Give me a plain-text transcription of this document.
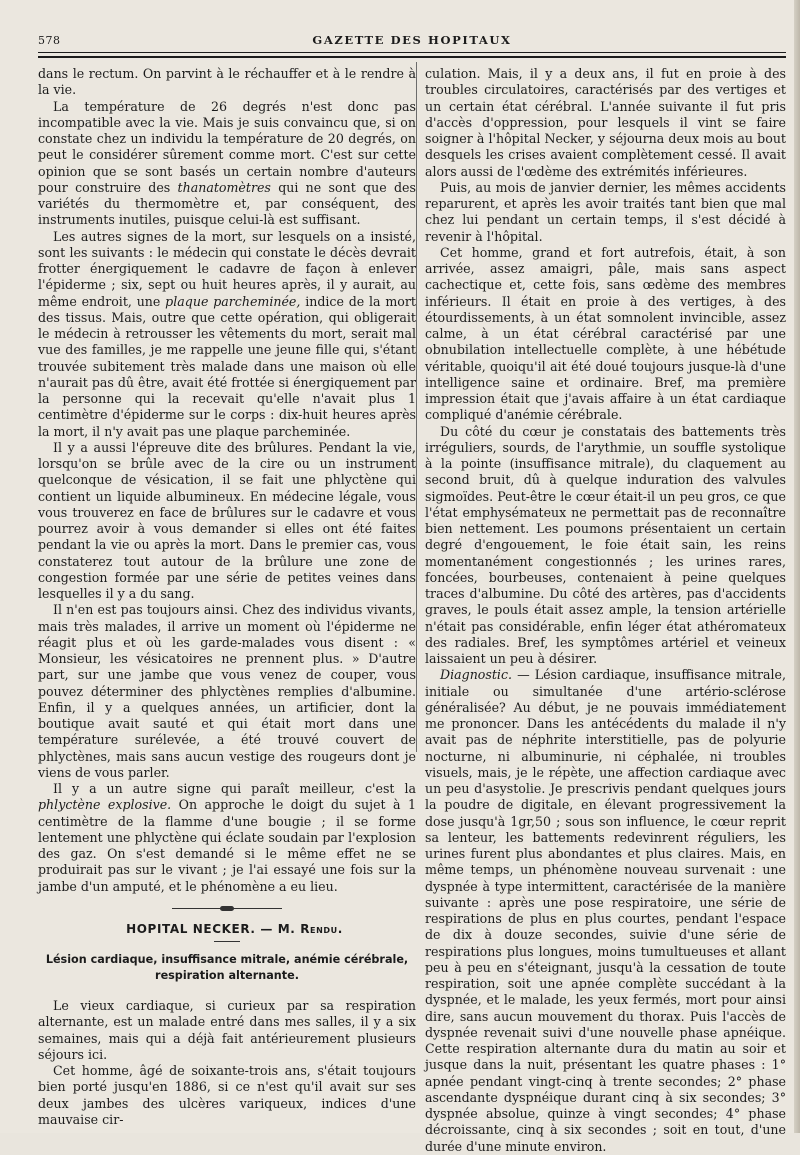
578	GAZETTE DES HOPITAUX

dans le rectum. On parvint à le réchauffer et à le rendre à la vie.

La température de 26 degrés n'est donc pas incompatible avec la vie. Mais je suis convaincu que, si on constate chez un individu la température de 20 degrés, on peut le considérer sûrement comme mort. C'est sur cette opinion que se sont basés un certain nombre d'auteurs pour construire des thanatomètres qui ne sont que des variétés du thermomètre et, par conséquent, des instruments inutiles, puisque celui-là est suffisant.

Les autres signes de la mort, sur lesquels on a insisté, sont les suivants : le médecin qui constate le décès devrait frotter énergiquement le cadavre de façon à enlever l'épiderme ; six, sept ou huit heures après, il y aurait, au même endroit, une plaque parcheminée, indice de la mort des tissus. Mais, outre que cette opération, qui obligerait le médecin à retrousser les vêtements du mort, serait mal vue des familles, je me rappelle une jeune fille qui, s'étant trouvée subitement très malade dans une maison où elle n'aurait pas dû être, avait été frottée si énergiquement par la personne qui la recevait qu'elle n'avait plus 1 centimètre d'épiderme sur le corps : dix-huit heures après la mort, il n'y avait pas une plaque parcheminée.

Il y a aussi l'épreuve dite des brûlures. Pendant la vie, lorsqu'on se brûle avec de la cire ou un instrument quelconque de vésication, il se fait une phlyctène qui contient un liquide albumineux. En médecine légale, vous vous trouverez en face de brûlures sur le cadavre et vous pourrez avoir à vous demander si elles ont été faites pendant la vie ou après la mort. Dans le premier cas, vous constaterez tout autour de la brûlure une zone de congestion formée par une série de petites veines dans lesquelles il y a du sang.

Il n'en est pas toujours ainsi. Chez des individus vivants, mais très malades, il arrive un moment où l'épiderme ne réagit plus et où les garde-malades vous disent : « Monsieur, les vésicatoires ne prennent plus. » D'autre part, sur une jambe que vous venez de couper, vous pouvez déterminer des phlyctènes remplies d'albumine. Enfin, il y a quelques années, un artificier, dont la boutique avait sauté et qui était mort dans une température surélevée, a été trouvé couvert de phlyctènes, mais sans aucun vestige des rougeurs dont je viens de vous parler.

Il y a un autre signe qui paraît meilleur, c'est la phlyctène explosive. On approche le doigt du sujet à 1 centimètre de la flamme d'une bougie ; il se forme lentement une phlyctène qui éclate soudain par l'explosion des gaz. On s'est demandé si le même effet ne se produirait pas sur le vivant ; je l'ai essayé une fois sur la jambe d'un amputé, et le phénomène a eu lieu.

HOPITAL NECKER. — M. Rendu.

Lésion cardiaque, insuffisance mitrale, anémie cérébrale,
respiration alternante.

Le vieux cardiaque, si curieux par sa respiration alternante, est un malade entré dans mes salles, il y a six semaines, mais qui a déjà fait antérieurement plusieurs séjours ici.

Cet homme, âgé de soixante-trois ans, s'était toujours bien porté jusqu'en 1886, si ce n'est qu'il avait sur ses deux jambes des ulcères variqueux, indices d'une mauvaise cir-

culation. Mais, il y a deux ans, il fut en proie à des troubles circulatoires, caractérisés par des vertiges et un certain état cérébral. L'année suivante il fut pris d'accès d'oppression, pour lesquels il vint se faire soigner à l'hôpital Necker, y séjourna deux mois au bout desquels les crises avaient complètement cessé. Il avait alors aussi de l'œdème des extrémités inférieures.

Puis, au mois de janvier dernier, les mêmes accidents reparurent, et après les avoir traités tant bien que mal chez lui pendant un certain temps, il s'est décidé à revenir à l'hôpital.

Cet homme, grand et fort autrefois, était, à son arrivée, assez amaigri, pâle, mais sans aspect cachectique et, cette fois, sans œdème des membres inférieurs. Il était en proie à des vertiges, à des étourdissements, à un état somnolent invincible, assez calme, à un état cérébral caractérisé par une obnubilation intellectuelle complète, à une hébétude véritable, quoiqu'il ait été doué toujours jusque-là d'une intelligence saine et ordinaire. Bref, ma première impression était que j'avais affaire à un état cardiaque compliqué d'anémie cérébrale.

Du côté du cœur je constatais des battements très irréguliers, sourds, de l'arythmie, un souffle systolique à la pointe (insuffisance mitrale), du claquement au second bruit, dû à quelque induration des valvules sigmoïdes. Peut-être le cœur était-il un peu gros, ce que l'état emphysémateux ne permettait pas de reconnaître bien nettement. Les poumons présentaient un certain degré d'engouement, le foie était sain, les reins momentanément congestionnés ; les urines rares, foncées, bourbeuses, contenaient à peine quelques traces d'albumine. Du côté des artères, pas d'accidents graves, le pouls était assez ample, la tension artérielle n'était pas considérable, enfin léger état athéromateux des radiales. Bref, les symptômes artériel et veineux laissaient un peu à désirer.

Diagnostic. — Lésion cardiaque, insuffisance mitrale, initiale ou simultanée d'une artério-sclérose généralisée? Au début, je ne pouvais immédiatement me prononcer. Dans les antécédents du malade il n'y avait pas de néphrite interstitielle, pas de polyurie nocturne, ni albuminurie, ni céphalée, ni troubles visuels, mais, je le répète, une affection cardiaque avec un peu d'asystolie. Je prescrivis pendant quelques jours la poudre de digitale, en élevant progressivement la dose jusqu'à 1gr,50 ; sous son influence, le cœur reprit sa lenteur, les battements redevinrent réguliers, les urines furent plus abondantes et plus claires. Mais, en même temps, un phénomène nouveau survenait : une dyspnée à type intermittent, caractérisée de la manière suivante : après une pose respiratoire, une série de respirations de plus en plus courtes, pendant l'espace de dix à douze secondes, suivie d'une série de respirations plus longues, moins tumultueuses et allant peu à peu en s'éteignant, jusqu'à la cessation de toute respiration, soit une apnée complète succédant à la dyspnée, et le malade, les yeux fermés, mort pour ainsi dire, sans aucun mouvement du thorax. Puis l'accès de dyspnée revenait suivi d'une nouvelle phase apnéique. Cette respiration alternante dura du matin au soir et jusque dans la nuit, présentant les quatre phases : 1° apnée pendant vingt-cinq à trente secondes; 2° phase ascendante dyspnéique durant cinq à six secondes; 3° dyspnée absolue, quinze à vingt secondes; 4° phase décroissante, cinq à six secondes ; soit en tout, d'une durée d'une minute environ.
